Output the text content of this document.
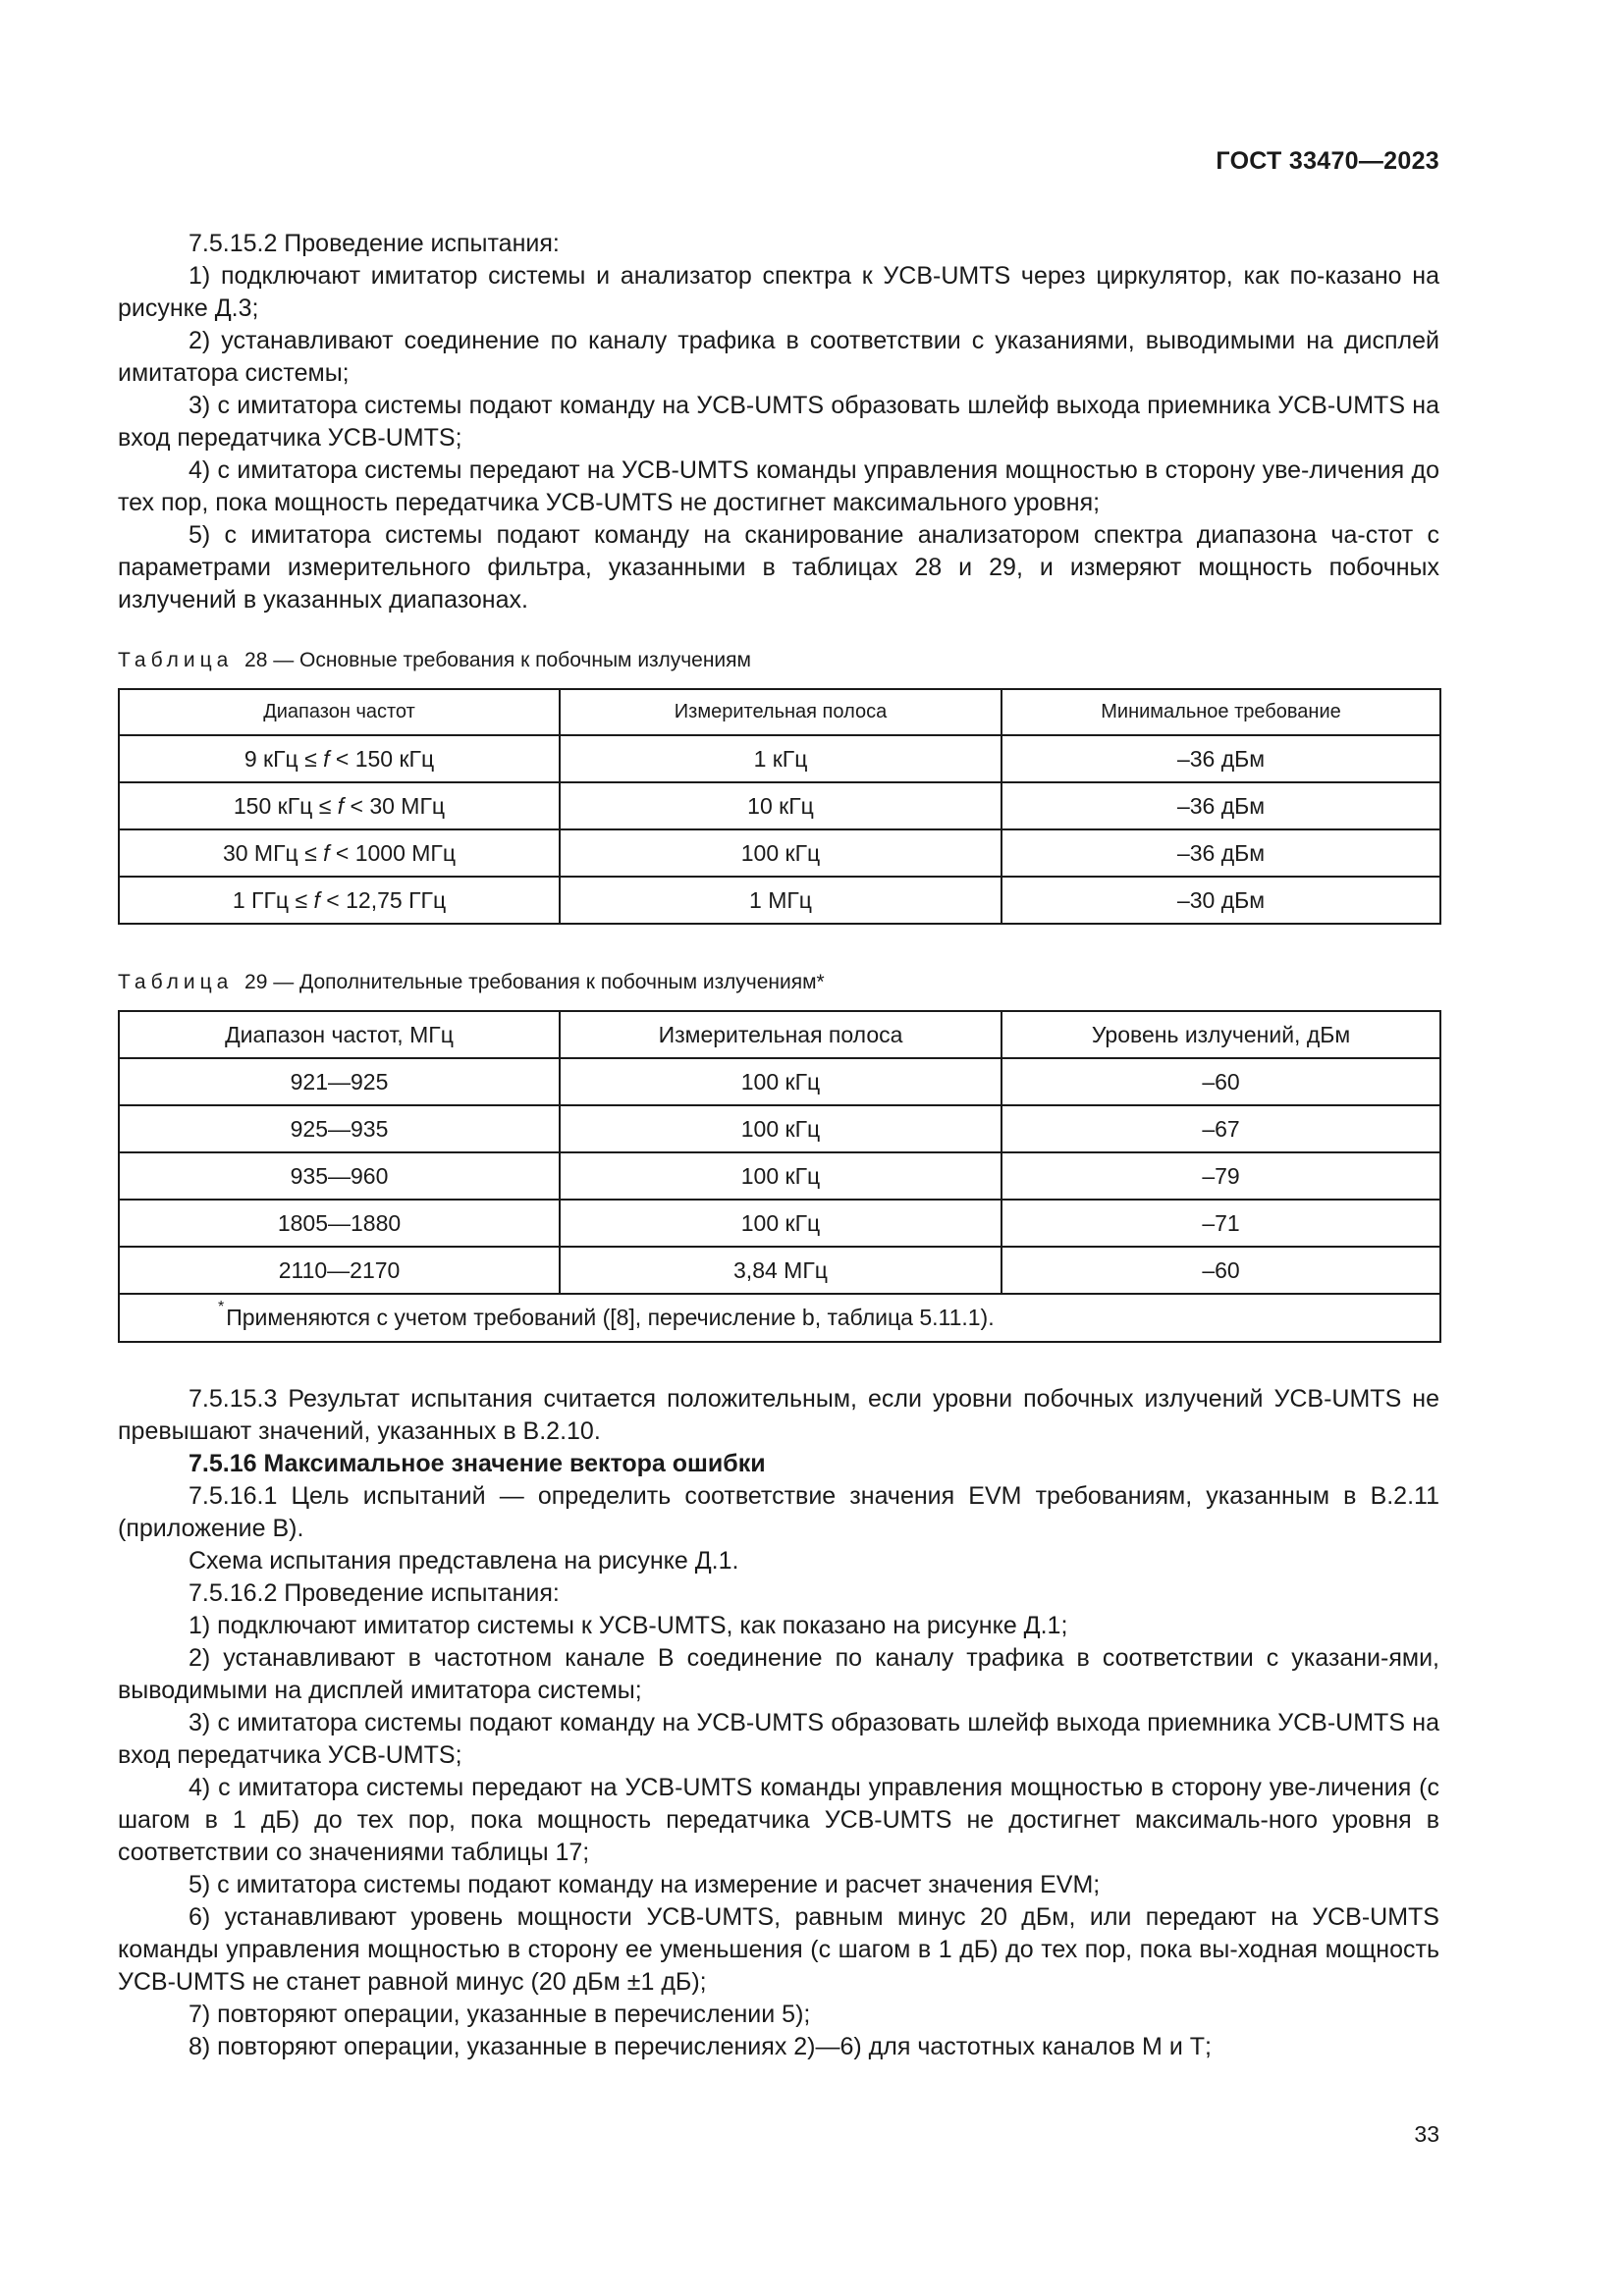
ГОСТ 33470—2023

7.5.15.2 Проведение испытания:

1) подключают имитатор системы и анализатор спектра к УСВ-UMTS через циркулятор, как по-казано на рисунке Д.3;

2) устанавливают соединение по каналу трафика в соответствии с указаниями, выводимыми на дисплей имитатора системы;

3) с имитатора системы подают команду на УСВ-UMTS образовать шлейф выхода приемника УСВ-UMTS на вход передатчика УСВ-UMTS;

4) с имитатора системы передают на УСВ-UMTS команды управления мощностью в сторону уве-личения до тех пор, пока мощность передатчика УСВ-UMTS не достигнет максимального уровня;

5) с имитатора системы подают команду на сканирование анализатором спектра диапазона ча-стот с параметрами измерительного фильтра, указанными в таблицах 28 и 29, и измеряют мощность побочных излучений в указанных диапазонах.

Таблица 28 — Основные требования к побочным излучениям
Диапазон частот	Измерительная полоса	Минимальное требование
9 кГц ≤ f < 150 кГц	1 кГц	–36 дБм
150 кГц ≤ f < 30 МГц	10 кГц	–36 дБм
30 МГц ≤ f < 1000 МГц	100 кГц	–36 дБм
1 ГГц ≤ f < 12,75 ГГц	1 МГц	–30 дБм
Таблица 29 — Дополнительные требования к побочным излучениям*
Диапазон частот, МГц	Измерительная полоса	Уровень излучений, дБм
921—925	100 кГц	–60
925—935	100 кГц	–67
935—960	100 кГц	–79
1805—1880	100 кГц	–71
2110—2170	3,84 МГц	–60
*Применяются с учетом требований ([8], перечисление b, таблица 5.11.1).		

7.5.15.3 Результат испытания считается положительным, если уровни побочных излучений УСВ-UMTS не превышают значений, указанных в В.2.10.

7.5.16 Максимальное значение вектора ошибки

7.5.16.1 Цель испытаний — определить соответствие значения EVM требованиям, указанным в В.2.11 (приложение В).

Схема испытания представлена на рисунке Д.1.

7.5.16.2 Проведение испытания:

1) подключают имитатор системы к УСВ-UMTS, как показано на рисунке Д.1;

2) устанавливают в частотном канале В соединение по каналу трафика в соответствии с указани-ями, выводимыми на дисплей имитатора системы;

3) с имитатора системы подают команду на УСВ-UMTS образовать шлейф выхода приемника УСВ-UMTS на вход передатчика УСВ-UMTS;

4) с имитатора системы передают на УСВ-UMTS команды управления мощностью в сторону уве-личения (с шагом в 1 дБ) до тех пор, пока мощность передатчика УСВ-UMTS не достигнет максималь-ного уровня в соответствии со значениями таблицы 17;

5) с имитатора системы подают команду на измерение и расчет значения EVM;

6) устанавливают уровень мощности УСВ-UMTS, равным минус 20 дБм, или передают на УСВ-UMTS команды управления мощностью в сторону ее уменьшения (с шагом в 1 дБ) до тех пор, пока вы-ходная мощность УСВ-UMTS не станет равной минус (20 дБм ±1 дБ);

7) повторяют операции, указанные в перечислении 5);

8) повторяют операции, указанные в перечислениях 2)—6) для частотных каналов М и Т;

33
